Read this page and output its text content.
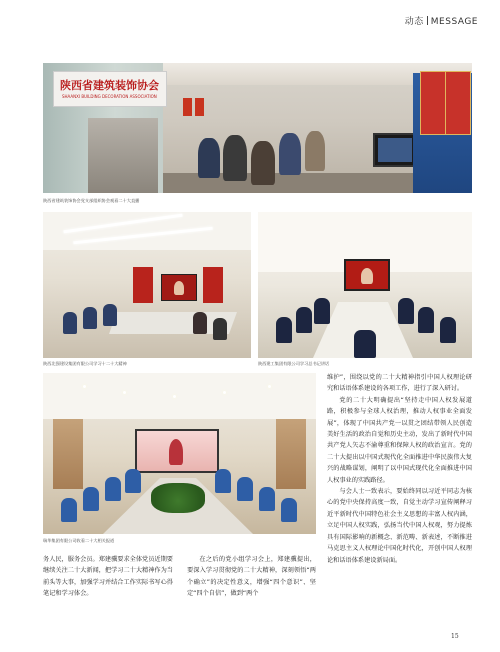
动态 MESSAGE
陕西省建筑装饰协会
SHAANXI BUILDING DECORATION ASSOCIATION
陕西省建筑装饰协会党支部组织协会观看二十大直播
陕西北强建设集团有限公司学习十二十大精神	陕西建工集团有限公司学习总书记讲话
瑞华集团有限公司收看二十大相关报道

维护”，围绕以党的二十大精神指引中国人权理论研究和话语体系建设的各项工作，进行了深入研讨。

党的二十大明确提出“坚持走中国人权发展道路，积极参与全球人权治理，推动人权事业全面发展”，体现了中国共产党一以贯之团结带领人民创造美好生活的政治自觉和历史主动，发出了新时代中国共产党人矢志不渝尊重和保障人权的政治宣言。党的二十大提出以中国式现代化全面推进中华民族伟大复兴的战略谋划，阐明了以中国式现代化全面推进中国人权事业的实践路径。

与会人士一致表示，要始终同以习近平同志为核心的党中央保持高度一致，自觉主动学习宣传阐释习近平新时代中国特色社会主义思想的丰富人权内涵，立足中国人权实践，弘扬当代中国人权观，努力提炼具有国际影响的新概念、新范畴、新表述，不断推进马克思主义人权理论中国化时代化，开创中国人权理论和话语体系建设新局面。

务人民，服务会员。郑建骥要求全体党员近期要继续关注二十大新闻，把学习二十大精神作为当前头等大事，加强学习并结合工作实际书写心得笔记和学习体会。

在之后的党小组学习会上，郑建骥提出，要深入学习贯彻党的二十大精神，深刻领悟“两个确立”的决定性意义，增强“四个意识”、坚定“四个自信”，做到“两个

15
